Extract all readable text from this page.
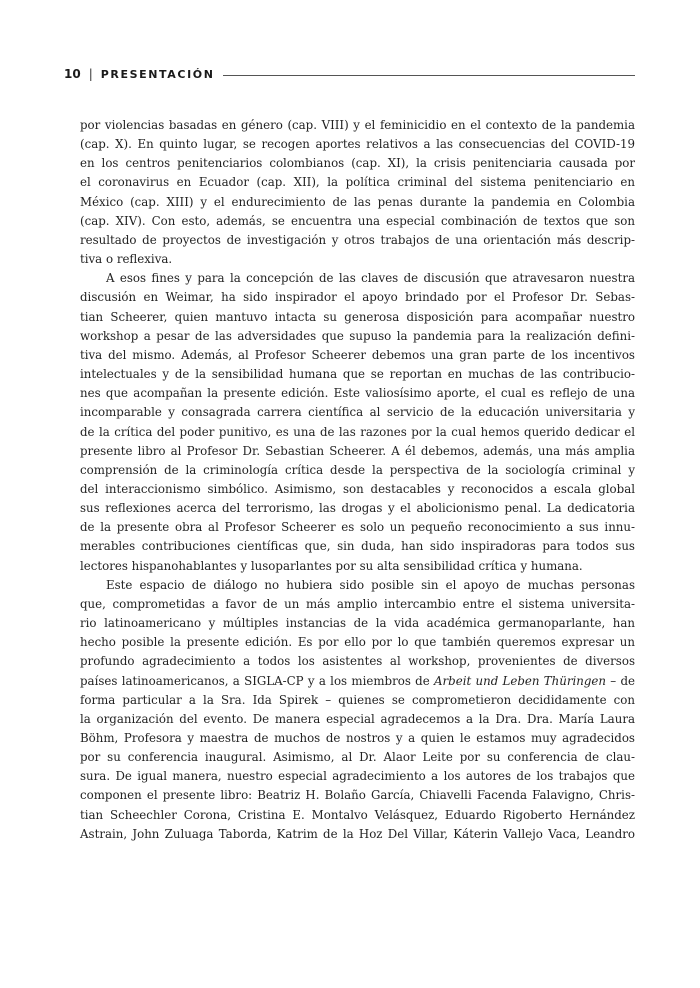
10 | PRESENTACIÓN
por violencias basadas en género (cap. VIII) y el feminicidio en el contexto de la pandemia
(cap. X). En quinto lugar, se recogen aportes relativos a las consecuencias del COVID-19
en los centros penitenciarios colombianos (cap. XI), la crisis penitenciaria causada por
el coronavirus en Ecuador (cap. XII), la política criminal del sistema penitenciario en
México (cap. XIII) y el endurecimiento de las penas durante la pandemia en Colombia
(cap. XIV). Con esto, además, se encuentra una especial combinación de textos que son
resultado de proyectos de investigación y otros trabajos de una orientación más descrip-
tiva o reflexiva.
A esos fines y para la concepción de las claves de discusión que atravesaron nuestra
discusión en Weimar, ha sido inspirador el apoyo brindado por el Profesor Dr. Sebas-
tian Scheerer, quien mantuvo intacta su generosa disposición para acompañar nuestro
workshop a pesar de las adversidades que supuso la pandemia para la realización defini-
tiva del mismo. Además, al Profesor Scheerer debemos una gran parte de los incentivos
intelectuales y de la sensibilidad humana que se reportan en muchas de las contribucio-
nes que acompañan la presente edición. Este valiosísimo aporte, el cual es reflejo de una
incomparable y consagrada carrera científica al servicio de la educación universitaria y
de la crítica del poder punitivo, es una de las razones por la cual hemos querido dedicar el
presente libro al Profesor Dr. Sebastian Scheerer. A él debemos, además, una más amplia
comprensión de la criminología crítica desde la perspectiva de la sociología criminal y
del interaccionismo simbólico. Asimismo, son destacables y reconocidos a escala global
sus reflexiones acerca del terrorismo, las drogas y el abolicionismo penal. La dedicatoria
de la presente obra al Profesor Scheerer es solo un pequeño reconocimiento a sus innu-
merables contribuciones científicas que, sin duda, han sido inspiradoras para todos sus
lectores hispanohablantes y lusoparlantes por su alta sensibilidad crítica y humana.
Este espacio de diálogo no hubiera sido posible sin el apoyo de muchas personas
que, comprometidas a favor de un más amplio intercambio entre el sistema universita-
rio latinoamericano y múltiples instancias de la vida académica germanoparlante, han
hecho posible la presente edición. Es por ello por lo que también queremos expresar un
profundo agradecimiento a todos los asistentes al workshop, provenientes de diversos
países latinoamericanos, a SIGLA-CP y a los miembros de Arbeit und Leben Thüringen – de
forma particular a la Sra. Ida Spirek – quienes se comprometieron decididamente con
la organización del evento. De manera especial agradecemos a la Dra. Dra. María Laura
Böhm, Profesora y maestra de muchos de nostros y a quien le estamos muy agradecidos
por su conferencia inaugural. Asimismo, al Dr. Alaor Leite por su conferencia de clau-
sura. De igual manera, nuestro especial agradecimiento a los autores de los trabajos que
componen el presente libro: Beatriz H. Bolaño García, Chiavelli Facenda Falavigno, Chris-
tian Scheechler Corona, Cristina E. Montalvo Velásquez, Eduardo Rigoberto Hernández
Astrain, John Zuluaga Taborda, Katrim de la Hoz Del Villar, Káterin Vallejo Vaca, Leandro
